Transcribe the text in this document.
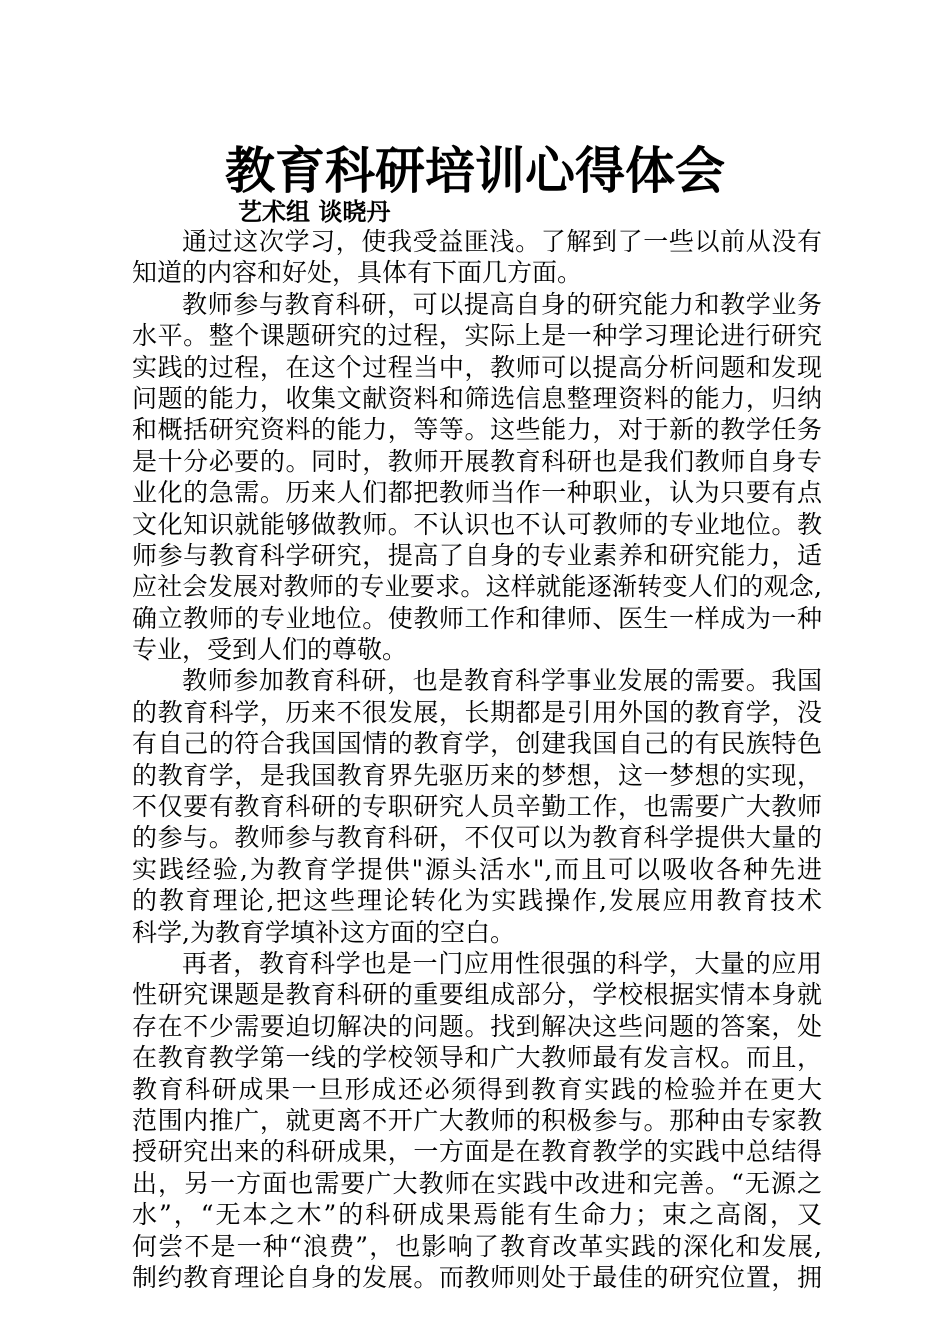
教育科研培训心得体会
艺术组 谈晓丹
通过这次学习，使我受益匪浅。了解到了一些以前从没有
知道的内容和好处，具体有下面几方面。
教师参与教育科研，可以提高自身的研究能力和教学业务
水平。整个课题研究的过程，实际上是一种学习理论进行研究
实践的过程，在这个过程当中，教师可以提高分析问题和发现
问题的能力，收集文献资料和筛选信息整理资料的能力，归纳
和概括研究资料的能力，等等。这些能力，对于新的教学任务
是十分必要的。同时，教师开展教育科研也是我们教师自身专
业化的急需。历来人们都把教师当作一种职业，认为只要有点
文化知识就能够做教师。不认识也不认可教师的专业地位。教
师参与教育科学研究，提高了自身的专业素养和研究能力，适
应社会发展对教师的专业要求。这样就能逐渐转变人们的观念,
确立教师的专业地位。使教师工作和律师、医生一样成为一种
专业，受到人们的尊敬。
教师参加教育科研，也是教育科学事业发展的需要。我国
的教育科学，历来不很发展，长期都是引用外国的教育学，没
有自己的符合我国国情的教育学，创建我国自己的有民族特色
的教育学，是我国教育界先驱历来的梦想，这一梦想的实现，
不仅要有教育科研的专职研究人员辛勤工作，也需要广大教师
的参与。教师参与教育科研，不仅可以为教育科学提供大量的
实践经验,为教育学提供"源头活水",而且可以吸收各种先进
的教育理论,把这些理论转化为实践操作,发展应用教育技术
科学,为教育学填补这方面的空白。
再者，教育科学也是一门应用性很强的科学，大量的应用
性研究课题是教育科研的重要组成部分，学校根据实情本身就
存在不少需要迫切解决的问题。找到解决这些问题的答案，处
在教育教学第一线的学校领导和广大教师最有发言权。而且，
教育科研成果一旦形成还必须得到教育实践的检验并在更大
范围内推广，就更离不开广大教师的积极参与。那种由专家教
授研究出来的科研成果，一方面是在教育教学的实践中总结得
出，另一方面也需要广大教师在实践中改进和完善。“无源之
水”，“无本之木”的科研成果焉能有生命力；束之高阁，又
何尝不是一种“浪费”，也影响了教育改革实践的深化和发展,
制约教育理论自身的发展。而教师则处于最佳的研究位置，拥
